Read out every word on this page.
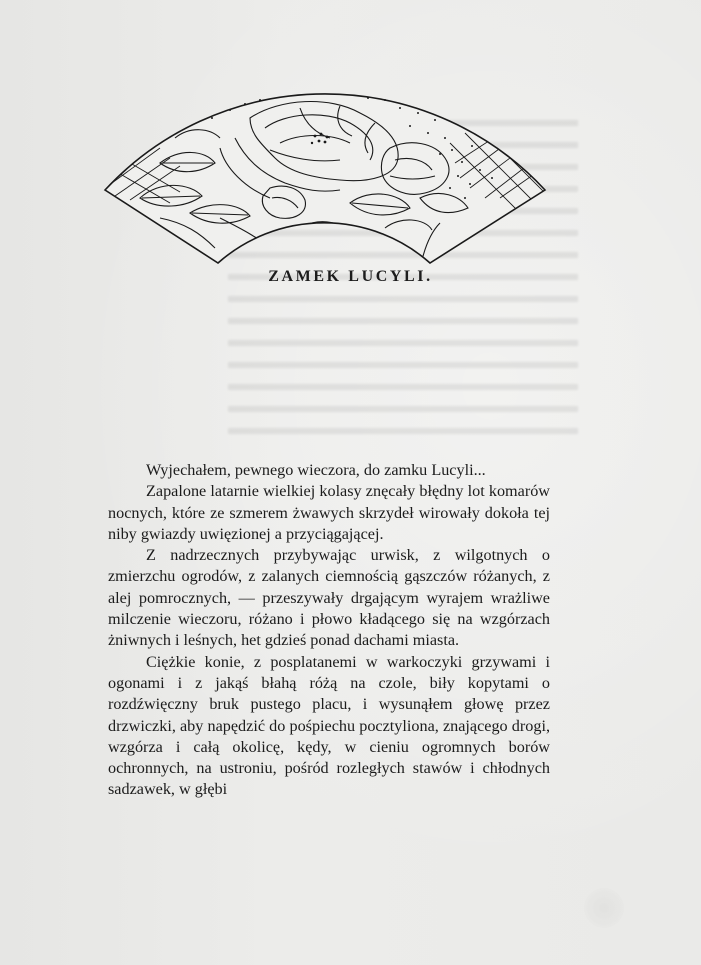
ZAMEK LUCYLI.

Wyjechałem, pewnego wieczora, do zamku Lucyli...

Zapalone latarnie wielkiej kolasy znęcały błędny lot komarów nocnych, które ze szmerem żwawych skrzydeł wirowały dokoła tej niby gwiazdy uwięzionej a przyciągającej.

Z nadrzecznych przybywając urwisk, z wilgotnych o zmierzchu ogrodów, z zalanych ciemnością gąszczów różanych, z alej pomrocznych, — przeszywały drgającym wyrajem wrażliwe milczenie wieczoru, różano i płowo kładącego się na wzgórzach żniwnych i leśnych, het gdzieś ponad dachami miasta.

Ciężkie konie, z posplatanemi w warkoczyki grzywami i ogonami i z jakąś błahą różą na czole, biły kopytami o rozdźwięczny bruk pustego placu, i wysunąłem głowę przez drzwiczki, aby napędzić do pośpiechu pocztyliona, znającego drogi, wzgórza i całą okolicę, kędy, w cieniu ogromnych borów ochronnych, na ustroniu, pośród rozległych stawów i chłodnych sadzawek, w głębi
